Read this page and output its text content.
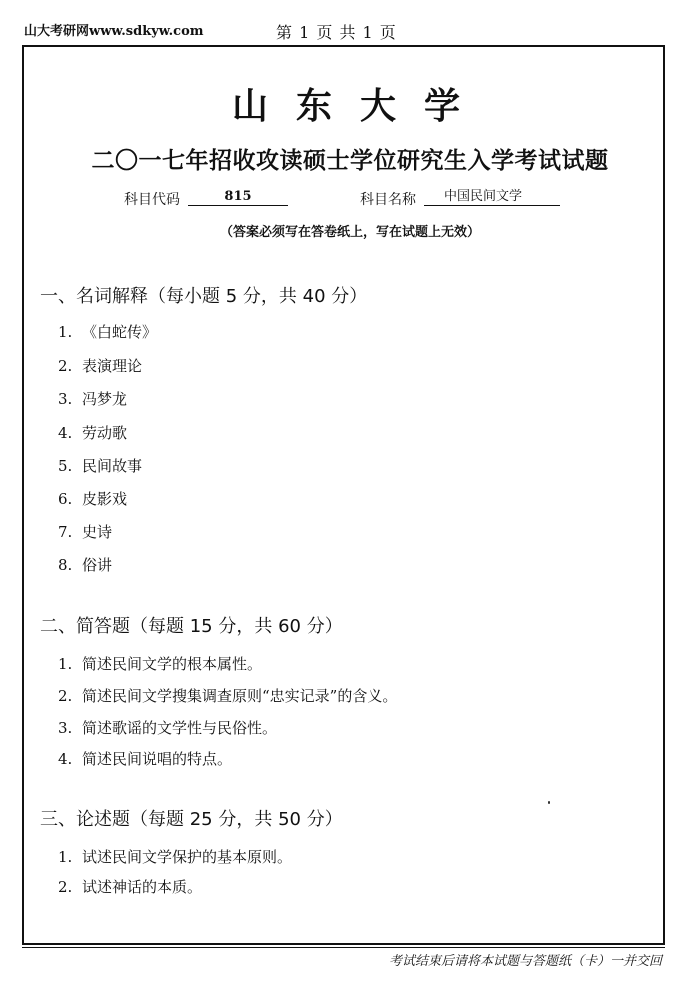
山大考研网www.sdkyw.com	第 1 页 共 1 页
山东大学
二〇一七年招收攻读硕士学位研究生入学考试试题
科目代码	815	科目名称	中国民间文学
（答案必须写在答卷纸上，写在试题上无效）
一、名词解释（每小题 5 分，共 40 分）
1. 《白蛇传》
2. 表演理论
3. 冯梦龙
4. 劳动歌
5. 民间故事
6. 皮影戏
7. 史诗
8. 俗讲
二、简答题（每题 15 分，共 60 分）
1. 简述民间文学的根本属性。
2. 简述民间文学搜集调查原则“忠实记录”的含义。
3. 简述歌谣的文学性与民俗性。
4. 简述民间说唱的特点。
三、论述题（每题 25 分，共 50 分）
1. 试述民间文学保护的基本原则。
2. 试述神话的本质。
考试结束后请将本试题与答题纸（卡）一并交回
